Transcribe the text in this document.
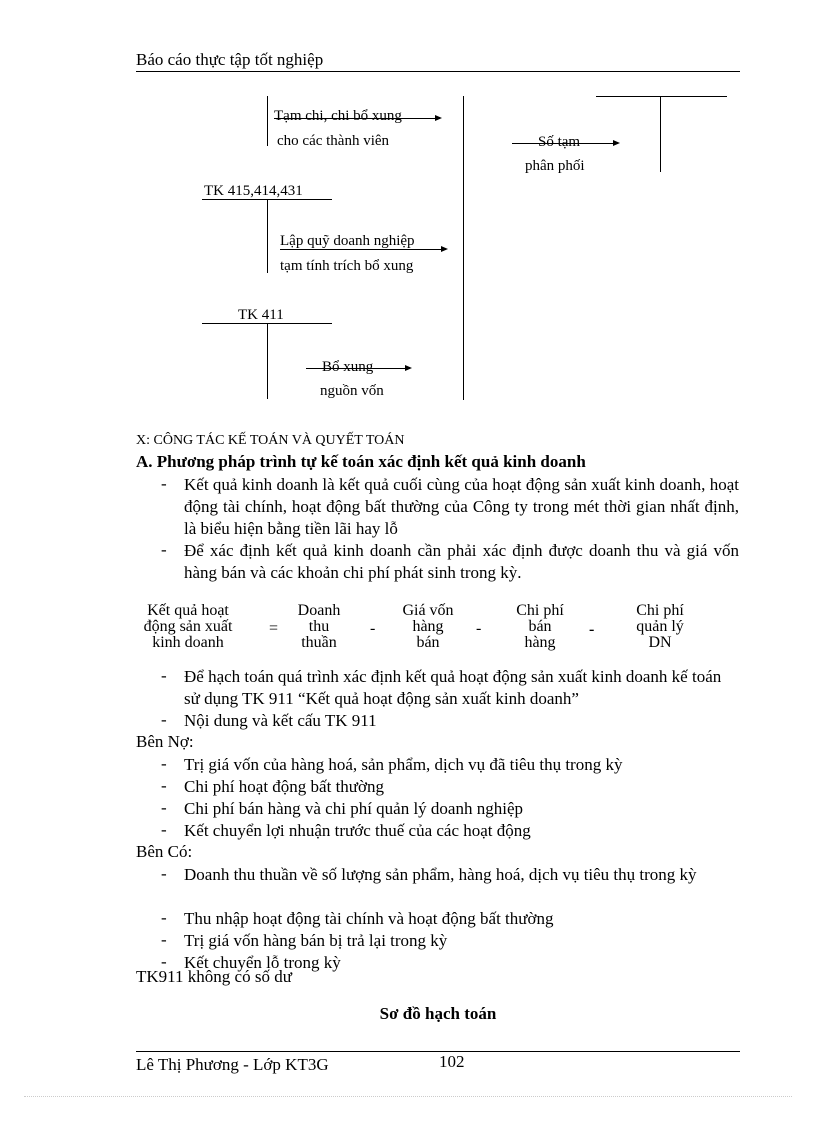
Báo cáo thực tập tốt nghiệp
Tạm chi, chi bổ xung
cho các thành viên	Số tạm
phân phối
TK 415,414,431
Lập quỹ doanh nghiệp
tạm tính trích bổ xung
TK 411
Bổ xung
nguồn vốn
X: CÔNG TÁC KẾ TOÁN VÀ QUYẾT TOÁN
A. Phương pháp trình tự kế toán xác định kết quả kinh doanh
- Kết quả kinh doanh là kết quả cuối cùng của hoạt động sản xuất kinh doanh, hoạt động tài chính, hoạt động bất thường của Công ty trong mét thời gian nhất định, là biểu hiện bằng tiền lãi hay lỗ
- Để xác định kết quả kinh doanh cần phải xác định được doanh thu và giá vốn hàng bán và các khoản chi phí phát sinh trong kỳ.
Kết quả hoạt
động sản xuất
kinh doanh
=
Doanh
thu
thuần
-
Giá vốn
hàng
bán
-
Chi phí
bán
hàng
-
Chi phí
quản lý
DN
- Để hạch toán quá trình xác định kết quả hoạt động sản xuất kinh doanh kế toán sử dụng TK 911 “Kết quả hoạt động sản xuất kinh doanh”
- Nội dung và kết cấu TK 911
Bên Nợ:
- Trị giá vốn của hàng hoá, sản phẩm, dịch vụ đã tiêu thụ trong kỳ
- Chi phí hoạt động bất thường
- Chi phí bán hàng và chi phí quản lý doanh nghiệp
- Kết chuyển lợi nhuận trước thuế của các hoạt động
Bên Có:
- Doanh thu thuần về số lượng sản phẩm, hàng hoá, dịch vụ tiêu thụ trong kỳ
- Thu nhập hoạt động tài chính và hoạt động bất thường
- Trị giá vốn hàng bán bị trả lại trong kỳ
- Kết chuyển lỗ trong kỳ
TK911 không có số dư
Sơ đồ hạch toán
Lê Thị Phương - Lớp KT3G	102
